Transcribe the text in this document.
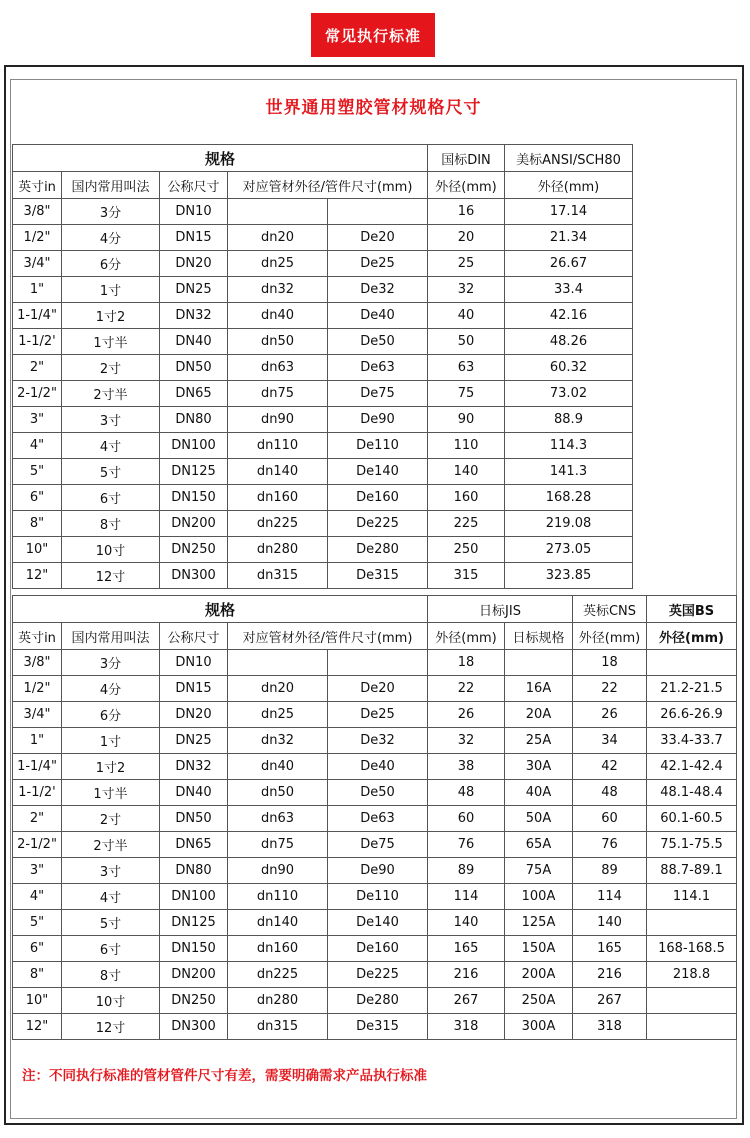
常见执行标准
世界通用塑胶管材规格尺寸
规格					国标DIN	美标ANSI/SCH80
英寸in	国内常用叫法	公称尺寸	对应管材外径/管件尺寸(mm)		外径(mm)	外径(mm)
3/8"	3分	DN10			16	17.14
1/2"	4分	DN15	dn20	De20	20	21.34
3/4"	6分	DN20	dn25	De25	25	26.67
1"	1寸	DN25	dn32	De32	32	33.4
1-1/4"	1寸2	DN32	dn40	De40	40	42.16
1-1/2'	1寸半	DN40	dn50	De50	50	48.26
2"	2寸	DN50	dn63	De63	63	60.32
2-1/2"	2寸半	DN65	dn75	De75	75	73.02
3"	3寸	DN80	dn90	De90	90	88.9
4"	4寸	DN100	dn110	De110	110	114.3
5"	5寸	DN125	dn140	De140	140	141.3
6"	6寸	DN150	dn160	De160	160	168.28
8"	8寸	DN200	dn225	De225	225	219.08
10"	10寸	DN250	dn280	De280	250	273.05
12"	12寸	DN300	dn315	De315	315	323.85
规格					日标JIS		英标CNS	英国BS
英寸in	国内常用叫法	公称尺寸	对应管材外径/管件尺寸(mm)		外径(mm)	日标规格	外径(mm)	外径(mm)
3/8"	3分	DN10			18		18	
1/2"	4分	DN15	dn20	De20	22	16A	22	21.2-21.5
3/4"	6分	DN20	dn25	De25	26	20A	26	26.6-26.9
1"	1寸	DN25	dn32	De32	32	25A	34	33.4-33.7
1-1/4"	1寸2	DN32	dn40	De40	38	30A	42	42.1-42.4
1-1/2'	1寸半	DN40	dn50	De50	48	40A	48	48.1-48.4
2"	2寸	DN50	dn63	De63	60	50A	60	60.1-60.5
2-1/2"	2寸半	DN65	dn75	De75	76	65A	76	75.1-75.5
3"	3寸	DN80	dn90	De90	89	75A	89	88.7-89.1
4"	4寸	DN100	dn110	De110	114	100A	114	114.1
5"	5寸	DN125	dn140	De140	140	125A	140	
6"	6寸	DN150	dn160	De160	165	150A	165	168-168.5
8"	8寸	DN200	dn225	De225	216	200A	216	218.8
10"	10寸	DN250	dn280	De280	267	250A	267	
12"	12寸	DN300	dn315	De315	318	300A	318	
注：不同执行标准的管材管件尺寸有差，需要明确需求产品执行标准
